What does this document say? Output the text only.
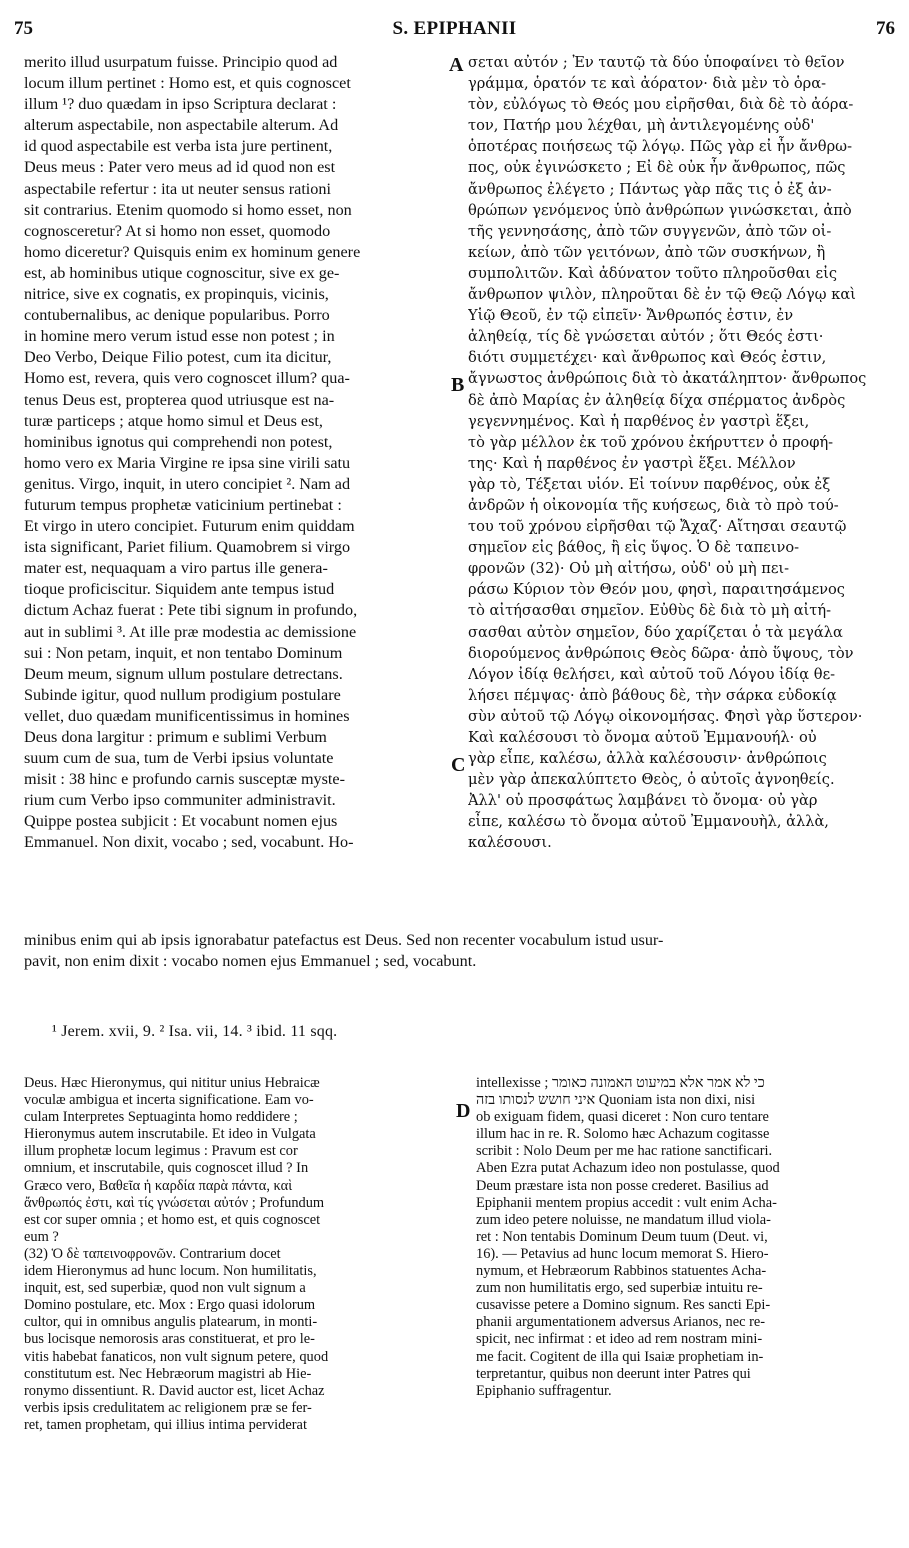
75	S. EPIPHANII	76
merito illud usurpatum fuisse. Principio quod ad
locum illum pertinet : Homo est, et quis cognoscet
illum ¹? duo quædam in ipso Scriptura declarat :
alterum aspectabile, non aspectabile alterum. Ad
id quod aspectabile est verba ista jure pertinent,
Deus meus : Pater vero meus ad id quod non est
aspectabile refertur : ita ut neuter sensus rationi
sit contrarius. Etenim quomodo si homo esset, non
cognosceretur? At si homo non esset, quomodo
homo diceretur? Quisquis enim ex hominum genere
est, ab hominibus utique cognoscitur, sive ex ge-
nitrice, sive ex cognatis, ex propinquis, vicinis,
contubernalibus, ac denique popularibus. Porro
in homine mero verum istud esse non potest ; in
Deo Verbo, Deique Filio potest, cum ita dicitur,
Homo est, revera, quis vero cognoscet illum? qua-
tenus Deus est, propterea quod utriusque est na-
turæ particeps ; atque homo simul et Deus est,
hominibus ignotus qui comprehendi non potest,
homo vero ex Maria Virgine re ipsa sine virili satu
genitus. Virgo, inquit, in utero concipiet ². Nam ad
futurum tempus prophetæ vaticinium pertinebat :
Et virgo in utero concipiet. Futurum enim quiddam
ista significant, Pariet filium. Quamobrem si virgo
mater est, nequaquam a viro partus ille genera-
tioque proficiscitur. Siquidem ante tempus istud
dictum Achaz fuerat : Pete tibi signum in profundo,
aut in sublimi ³. At ille præ modestia ac demissione
sui : Non petam, inquit, et non tentabo Dominum
Deum meum, signum ullum postulare detrectans.
Subinde igitur, quod nullum prodigium postulare
vellet, duo quædam munificentissimus in homines
Deus dona largitur : primum e sublimi Verbum
suum cum de sua, tum de Verbi ipsius voluntate
misit : 38 hinc e profundo carnis susceptæ myste-
rium cum Verbo ipso communiter administravit.
Quippe postea subjicit : Et vocabunt nomen ejus
Emmanuel. Non dixit, vocabo ; sed, vocabunt. Ho-
σεται αὐτόν ; Ἐν ταυτῷ τὰ δύο ὑποφαίνει τὸ θεῖον
γράμμα, ὁρατόν τε καὶ ἀόρατον· διὰ μὲν τὸ ὁρα-
τὸν, εὐλόγως τὸ Θεός μου εἰρῆσθαι, διὰ δὲ τὸ ἀόρα-
τον, Πατήρ μου λέχθαι, μὴ ἀντιλεγομένης οὐδ'
ὁποτέρας ποιήσεως τῷ λόγῳ. Πῶς γὰρ εἰ ἦν ἄνθρω-
πος, οὐκ ἐγινώσκετο ; Εἰ δὲ οὐκ ἦν ἄνθρωπος, πῶς
ἄνθρωπος ἐλέγετο ; Πάντως γὰρ πᾶς τις ὁ ἐξ ἀν-
θρώπων γενόμενος ὑπὸ ἀνθρώπων γινώσκεται, ἀπὸ
τῆς γεννησάσης, ἀπὸ τῶν συγγενῶν, ἀπὸ τῶν οἰ-
κείων, ἀπὸ τῶν γειτόνων, ἀπὸ τῶν συσκήνων, ἢ
συμπολιτῶν. Καὶ ἀδύνατον τοῦτο πληροῦσθαι εἰς
ἄνθρωπον ψιλὸν, πληροῦται δὲ ἐν τῷ Θεῷ Λόγῳ καὶ
Υἱῷ Θεοῦ, ἐν τῷ εἰπεῖν· Ἄνθρωπός ἐστιν, ἐν
ἀληθείᾳ, τίς δὲ γνώσεται αὐτόν ; ὅτι Θεός ἐστι·
διότι συμμετέχει· καὶ ἄνθρωπος καὶ Θεός ἐστιν,
ἄγνωστος ἀνθρώποις διὰ τὸ ἀκατάληπτον· ἄνθρωπος
δὲ ἀπὸ Μαρίας ἐν ἀληθείᾳ δίχα σπέρματος ἀνδρὸς
γεγεννημένος. Καὶ ἡ παρθένος ἐν γαστρὶ ἕξει,
τὸ γὰρ μέλλον ἐκ τοῦ χρόνου ἐκήρυττεν ὁ προφή-
της· Καὶ ἡ παρθένος ἐν γαστρὶ ἕξει. Μέλλον
γὰρ τὸ, Τέξεται υἱόν. Εἰ τοίνυν παρθένος, οὐκ ἐξ
ἀνδρῶν ἡ οἰκονομία τῆς κυήσεως, διὰ τὸ πρὸ τού-
του τοῦ χρόνου εἰρῆσθαι τῷ Ἄχαζ· Αἴτησαι σεαυτῷ
σημεῖον εἰς βάθος, ἢ εἰς ὕψος. Ὁ δὲ ταπεινο-
φρονῶν (32)· Οὐ μὴ αἰτήσω, οὐδ' οὐ μὴ πει-
ράσω Κύριον τὸν Θεόν μου, φησὶ, παραιτησάμενος
τὸ αἰτήσασθαι σημεῖον. Εὐθὺς δὲ διὰ τὸ μὴ αἰτή-
σασθαι αὐτὸν σημεῖον, δύο χαρίζεται ὁ τὰ μεγάλα
διορούμενος ἀνθρώποις Θεὸς δῶρα· ἀπὸ ὕψους, τὸν
Λόγον ἰδίᾳ θελήσει, καὶ αὐτοῦ τοῦ Λόγου ἰδίᾳ θε-
λήσει πέμψας· ἀπὸ βάθους δὲ, τὴν σάρκα εὐδοκίᾳ
σὺν αὐτοῦ τῷ Λόγῳ οἰκονομήσας. Φησὶ γὰρ ὕστερον·
Καὶ καλέσουσι τὸ ὄνομα αὐτοῦ Ἐμμανουήλ· οὐ
γὰρ εἶπε, καλέσω, ἀλλὰ καλέσουσιν· ἀνθρώποις
μὲν γὰρ ἀπεκαλύπτετο Θεὸς, ὁ αὐτοῖς ἀγνοηθείς.
Ἀλλ' οὐ προσφάτως λαμβάνει τὸ ὄνομα· οὐ γὰρ
εἶπε, καλέσω τὸ ὄνομα αὐτοῦ Ἐμμανουὴλ, ἀλλὰ,
καλέσουσι.
A
B
C
D
minibus enim qui ab ipsis ignorabatur patefactus est Deus. Sed non recenter vocabulum istud usur-
pavit, non enim dixit : vocabo nomen ejus Emmanuel ; sed, vocabunt.
¹ Jerem. xvii, 9. ² Isa. vii, 14. ³ ibid. 11 sqq.
Deus. Hæc Hieronymus, qui nititur unius Hebraicæ
voculæ ambigua et incerta significatione. Eam vo-
culam Interpretes Septuaginta homo reddidere ;
Hieronymus autem inscrutabile. Et ideo in Vulgata
illum prophetæ locum legimus : Pravum est cor
omnium, et inscrutabile, quis cognoscet illud ? In
Græco vero, Βαθεῖα ἡ καρδία παρὰ πάντα, καὶ
ἄνθρωπός ἐστι, καὶ τίς γνώσεται αὐτόν ; Profundum
est cor super omnia ; et homo est, et quis cognoscet
eum ?
(32) Ὁ δὲ ταπεινοφρονῶν. Contrarium docet
idem Hieronymus ad hunc locum. Non humilitatis,
inquit, est, sed superbiæ, quod non vult signum a
Domino postulare, etc. Mox : Ergo quasi idolorum
cultor, qui in omnibus angulis platearum, in monti-
bus locisque nemorosis aras constituerat, et pro le-
vitis habebat fanaticos, non vult signum petere, quod
constitutum est. Nec Hebræorum magistri ab Hie-
ronymo dissentiunt. R. David auctor est, licet Achaz
verbis ipsis credulitatem ac religionem præ se fer-
ret, tamen prophetam, qui illius intima perviderat
intellexisse ; כי לא אמר אלא במיעוט האמונה כאומר
איני חושש לנסותו בזה Quoniam ista non dixi, nisi
ob exiguam fidem, quasi diceret : Non curo tentare
illum hac in re. R. Solomo hæc Achazum cogitasse
scribit : Nolo Deum per me hac ratione sanctificari.
Aben Ezra putat Achazum ideo non postulasse, quod
Deum præstare ista non posse crederet. Basilius ad
Epiphanii mentem propius accedit : vult enim Acha-
zum ideo petere noluisse, ne mandatum illud viola-
ret : Non tentabis Dominum Deum tuum (Deut. vi,
16). — Petavius ad hunc locum memorat S. Hiero-
nymum, et Hebræorum Rabbinos statuentes Acha-
zum non humilitatis ergo, sed superbiæ intuitu re-
cusavisse petere a Domino signum. Res sancti Epi-
phanii argumentationem adversus Arianos, nec re-
spicit, nec infirmat : et ideo ad rem nostram mini-
me facit. Cogitent de illa qui Isaiæ prophetiam in-
terpretantur, quibus non deerunt inter Patres qui
Epiphanio suffragentur.
